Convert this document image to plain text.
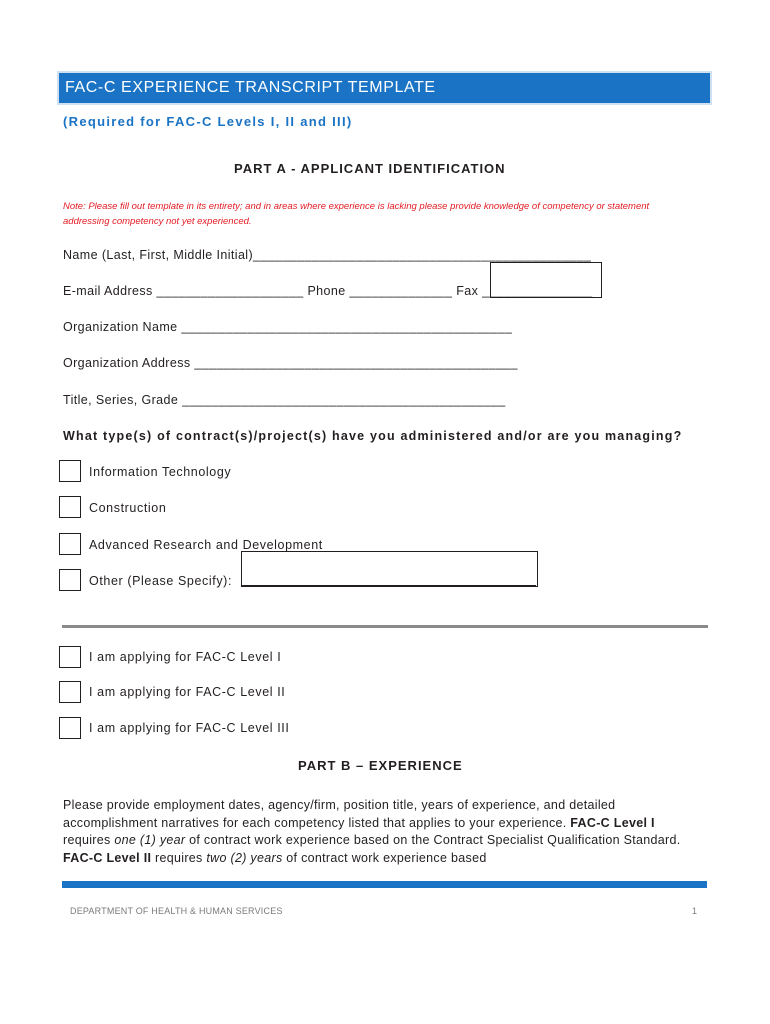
FAC-C EXPERIENCE TRANSCRIPT TEMPLATE
(Required for FAC-C Levels I, II and III)
PART A - APPLICANT IDENTIFICATION
Note: Please fill out template in its entirety; and in areas where experience is lacking please provide knowledge of competency or statement addressing competency not yet experienced.
Name (Last, First, Middle Initial)______________________________________________
E-mail Address ____________________ Phone ______________ Fax _______________
Organization Name _____________________________________________
Organization Address ____________________________________________
Title, Series, Grade ____________________________________________
What type(s) of contract(s)/project(s) have you administered and/or are you managing?
Information Technology
Construction
Advanced Research and Development
Other (Please Specify):
I am applying for FAC-C Level I
I am applying for FAC-C Level II
I am applying for FAC-C Level III
PART B – EXPERIENCE
Please provide employment dates, agency/firm, position title, years of experience, and detailed accomplishment narratives for each competency listed that applies to your experience. FAC-C Level I requires one (1) year of contract work experience based on the Contract Specialist Qualification Standard. FAC-C Level II requires two (2) years of contract work experience based
DEPARTMENT OF HEALTH & HUMAN SERVICES	1
